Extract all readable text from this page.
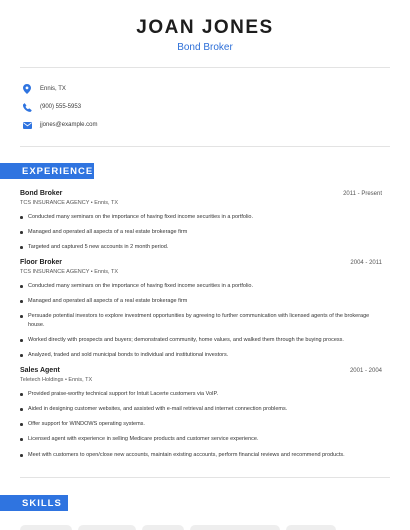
JOAN JONES
Bond Broker
Ennis, TX
(900) 555-5953
jjones@example.com
EXPERIENCE
Bond Broker	2011 - Present
TCS INSURANCE AGENCY • Ennis, TX
Conducted many seminars on the importance of having fixed income securities in a portfolio.
Managed and operated all aspects of a real estate brokerage firm
Targeted and captured 5 new accounts in 2 month period.
Floor Broker	2004 - 2011
TCS INSURANCE AGENCY • Ennis, TX
Conducted many seminars on the importance of having fixed income securities in a portfolio.
Managed and operated all aspects of a real estate brokerage firm
Persuade potential investors to explore investment opportunities by agreeing to further communication with licensed agents of the brokerage house.
Worked directly with prospects and buyers; demonstrated community, home values, and walked them through the buying process.
Analyzed, traded and sold municipal bonds to individual and institutional investors.
Sales Agent	2001 - 2004
Teletech Holdings • Ennis, TX
Provided praise-worthy technical support for Intuit Lacerte customers via VoIP.
Aided in designing customer websites, and assisted with e-mail retrieval and internet connection problems.
Offer support for WINDOWS operating systems.
Licensed agent with experience in selling Medicare products and customer service experience.
Meet with customers to open/close new accounts, maintain existing accounts, perform financial reviews and recommend products.
SKILLS
